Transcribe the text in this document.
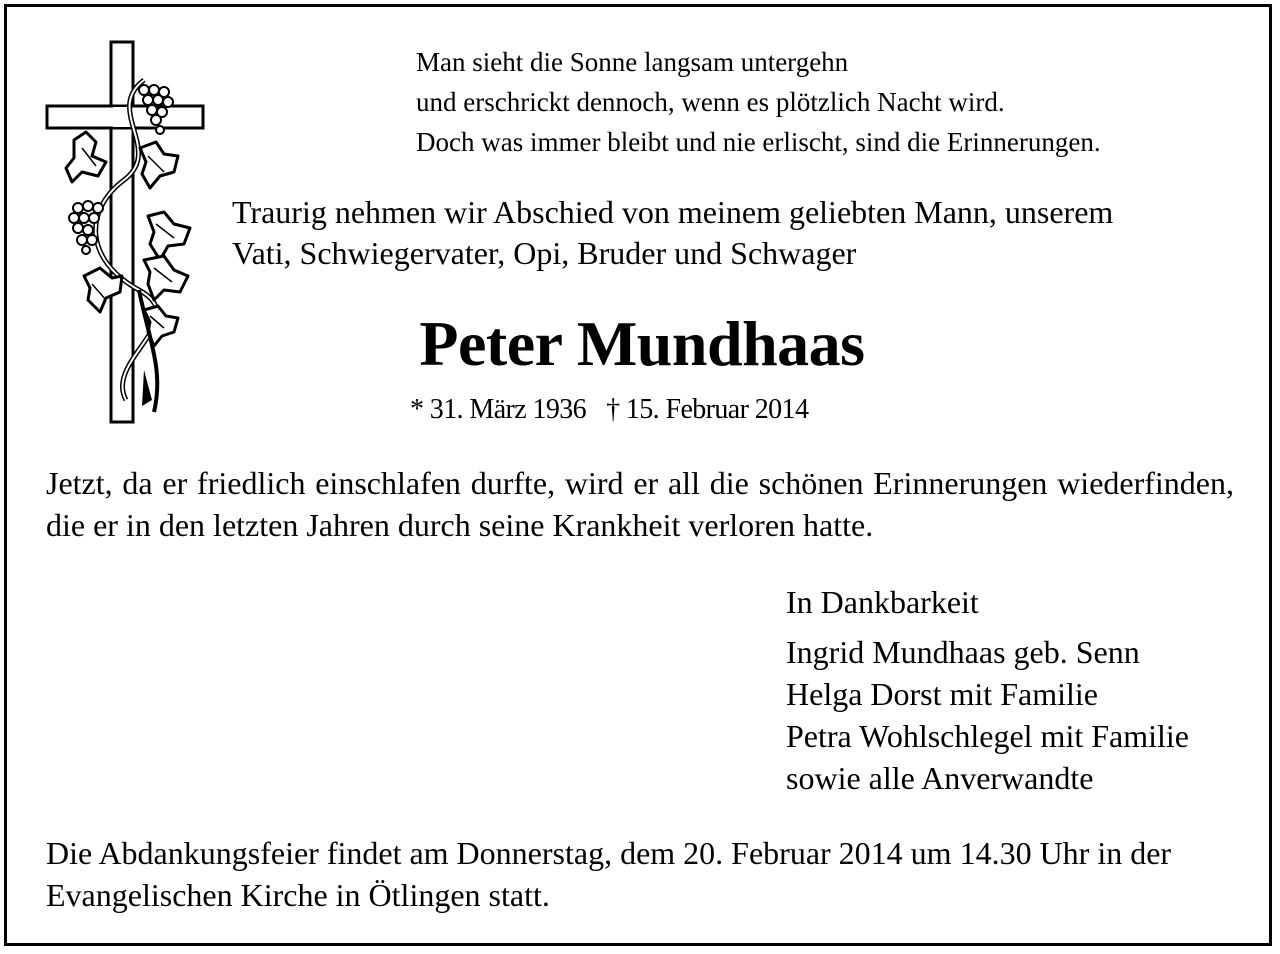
Man sieht die Sonne langsam untergehn
und erschrickt dennoch, wenn es plötzlich Nacht wird.
Doch was immer bleibt und nie erlischt, sind die Erinnerungen.
Traurig nehmen wir Abschied von meinem geliebten Mann, unserem
Vati, Schwiegervater, Opi, Bruder und Schwager
Peter Mundhaas
* 31. März 1936 † 15. Februar 2014
Jetzt, da er friedlich einschlafen durfte, wird er all die schönen Erinnerungen wiederfinden, die er in den letzten Jahren durch seine Krankheit verloren hatte.
In Dankbarkeit
Ingrid Mundhaas geb. Senn
Helga Dorst mit Familie
Petra Wohlschlegel mit Familie
sowie alle Anverwandte
Die Abdankungsfeier findet am Donnerstag, dem 20. Februar 2014 um 14.30 Uhr in der Evangelischen Kirche in Ötlingen statt.
